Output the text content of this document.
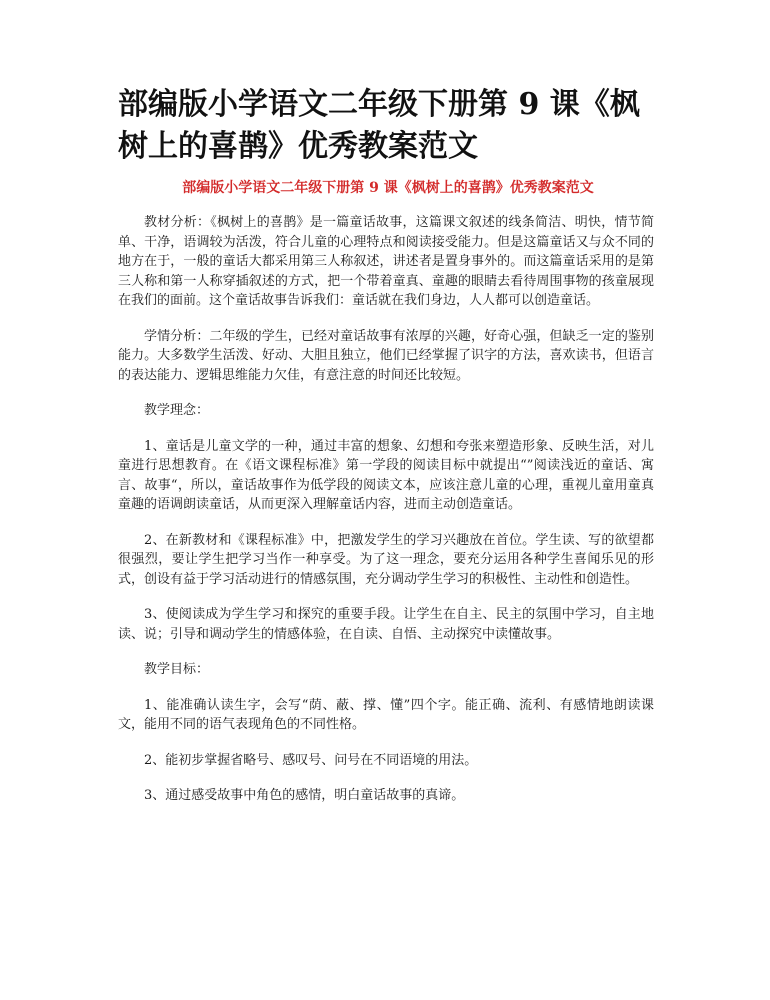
部编版小学语文二年级下册第 9 课《枫树上的喜鹊》优秀教案范文
部编版小学语文二年级下册第 9 课《枫树上的喜鹊》优秀教案范文

教材分析：《枫树上的喜鹊》是一篇童话故事，这篇课文叙述的线条简洁、明快，情节简单、干净，语调较为活泼，符合儿童的心理特点和阅读接受能力。但是这篇童话又与众不同的地方在于，一般的童话大都采用第三人称叙述，讲述者是置身事外的。而这篇童话采用的是第三人称和第一人称穿插叙述的方式，把一个带着童真、童趣的眼睛去看待周围事物的孩童展现在我们的面前。这个童话故事告诉我们：童话就在我们身边，人人都可以创造童话。

学情分析：二年级的学生，已经对童话故事有浓厚的兴趣，好奇心强，但缺乏一定的鉴别能力。大多数学生活泼、好动、大胆且独立，他们已经掌握了识字的方法，喜欢读书，但语言的表达能力、逻辑思维能力欠佳，有意注意的时间还比较短。

教学理念：

1、童话是儿童文学的一种，通过丰富的想象、幻想和夸张来塑造形象、反映生活，对儿童进行思想教育。在《语文课程标准》第一学段的阅读目标中就提出“”阅读浅近的童话、寓言、故事“，所以，童话故事作为低学段的阅读文本，应该注意儿童的心理，重视儿童用童真童趣的语调朗读童话，从而更深入理解童话内容，进而主动创造童话。

2、在新教材和《课程标准》中，把激发学生的学习兴趣放在首位。学生读、写的欲望都很强烈，要让学生把学习当作一种享受。为了这一理念，要充分运用各种学生喜闻乐见的形式，创设有益于学习活动进行的情感氛围，充分调动学生学习的积极性、主动性和创造性。

3、使阅读成为学生学习和探究的重要手段。让学生在自主、民主的氛围中学习，自主地读、说；引导和调动学生的情感体验，在自读、自悟、主动探究中读懂故事。

教学目标：

1、能准确认读生字，会写“荫、蔽、撑、懂”四个字。能正确、流利、有感情地朗读课文，能用不同的语气表现角色的不同性格。

2、能初步掌握省略号、感叹号、问号在不同语境的用法。

3、通过感受故事中角色的感情，明白童话故事的真谛。
